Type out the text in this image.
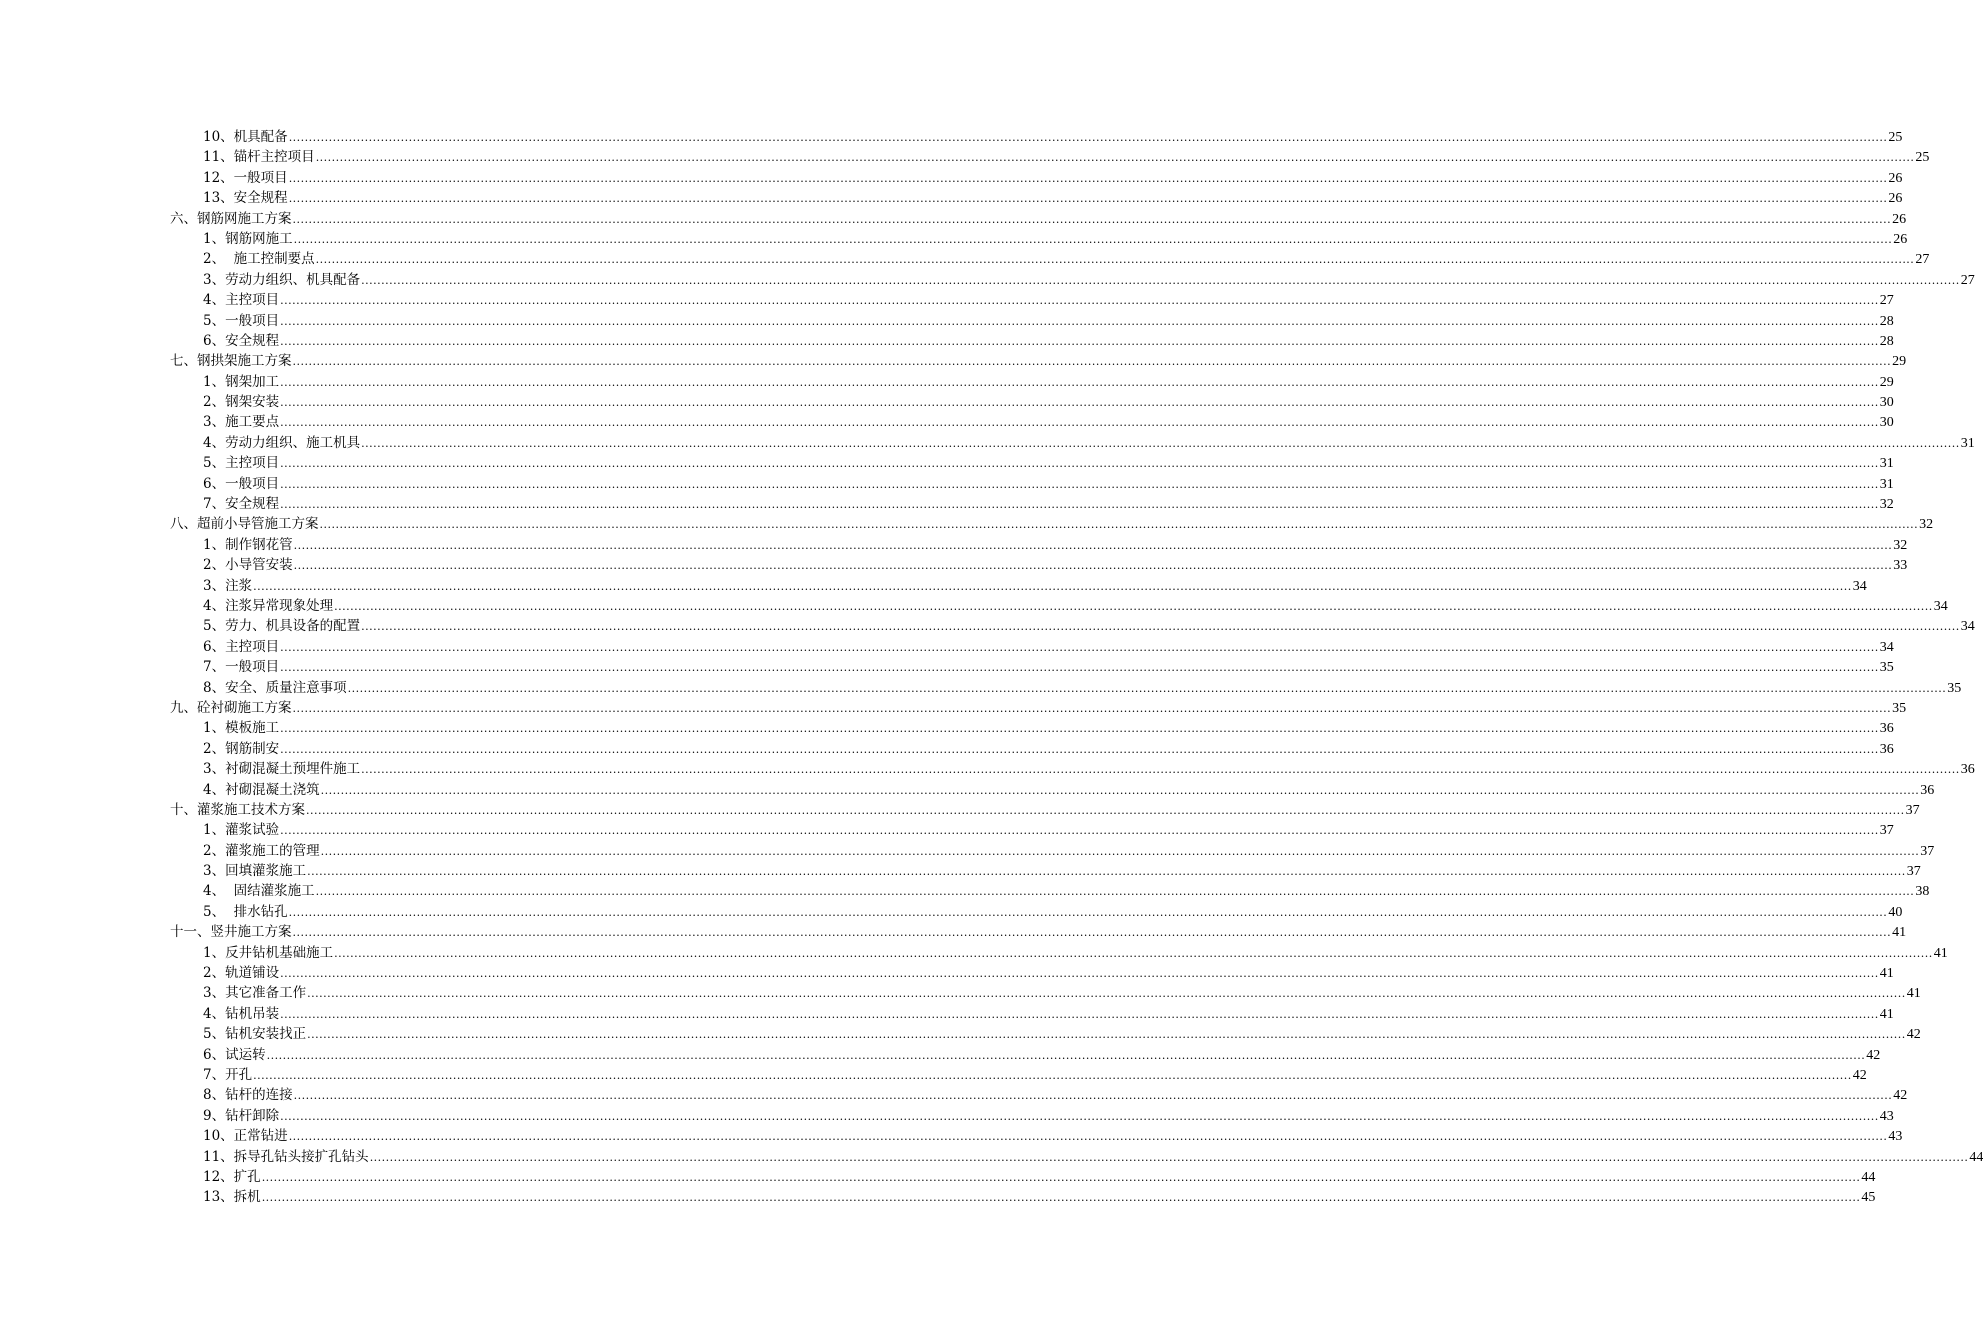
10、机具配备 ................................................................................................................................................................................................................................................................................................................................................................................................................ 25
11、锚杆主控项目 ................................................................................................................................................................................................................................................................................................................................................................................................................ 25
12、一般项目 ................................................................................................................................................................................................................................................................................................................................................................................................................ 26
13、安全规程 ................................................................................................................................................................................................................................................................................................................................................................................................................ 26
六、钢筋网施工方案 ................................................................................................................................................................................................................................................................................................................................................................................................................ 26
1、钢筋网施工 ................................................................................................................................................................................................................................................................................................................................................................................................................ 26
2、  施工控制要点 ................................................................................................................................................................................................................................................................................................................................................................................................................ 27
3、劳动力组织、机具配备 ................................................................................................................................................................................................................................................................................................................................................................................................................ 27
4、主控项目 ................................................................................................................................................................................................................................................................................................................................................................................................................ 27
5、一般项目 ................................................................................................................................................................................................................................................................................................................................................................................................................ 28
6、安全规程 ................................................................................................................................................................................................................................................................................................................................................................................................................ 28
七、钢拱架施工方案 ................................................................................................................................................................................................................................................................................................................................................................................................................ 29
1、钢架加工 ................................................................................................................................................................................................................................................................................................................................................................................................................ 29
2、钢架安装 ................................................................................................................................................................................................................................................................................................................................................................................................................ 30
3、施工要点 ................................................................................................................................................................................................................................................................................................................................................................................................................ 30
4、劳动力组织、施工机具 ................................................................................................................................................................................................................................................................................................................................................................................................................ 31
5、主控项目 ................................................................................................................................................................................................................................................................................................................................................................................................................ 31
6、一般项目 ................................................................................................................................................................................................................................................................................................................................................................................................................ 31
7、安全规程 ................................................................................................................................................................................................................................................................................................................................................................................................................ 32
八、超前小导管施工方案 ................................................................................................................................................................................................................................................................................................................................................................................................................ 32
1、制作钢花管 ................................................................................................................................................................................................................................................................................................................................................................................................................ 32
2、小导管安装 ................................................................................................................................................................................................................................................................................................................................................................................................................ 33
3、注浆 ................................................................................................................................................................................................................................................................................................................................................................................................................ 34
4、注浆异常现象处理 ................................................................................................................................................................................................................................................................................................................................................................................................................ 34
5、劳力、机具设备的配置 ................................................................................................................................................................................................................................................................................................................................................................................................................ 34
6、主控项目 ................................................................................................................................................................................................................................................................................................................................................................................................................ 34
7、一般项目 ................................................................................................................................................................................................................................................................................................................................................................................................................ 35
8、安全、质量注意事项 ................................................................................................................................................................................................................................................................................................................................................................................................................ 35
九、砼衬砌施工方案 ................................................................................................................................................................................................................................................................................................................................................................................................................ 35
1、模板施工 ................................................................................................................................................................................................................................................................................................................................................................................................................ 36
2、钢筋制安 ................................................................................................................................................................................................................................................................................................................................................................................................................ 36
3、衬砌混凝土预埋件施工 ................................................................................................................................................................................................................................................................................................................................................................................................................ 36
4、衬砌混凝土浇筑 ................................................................................................................................................................................................................................................................................................................................................................................................................ 36
十、灌浆施工技术方案 ................................................................................................................................................................................................................................................................................................................................................................................................................ 37
1、灌浆试验 ................................................................................................................................................................................................................................................................................................................................................................................................................ 37
2、灌浆施工的管理 ................................................................................................................................................................................................................................................................................................................................................................................................................ 37
3、回填灌浆施工 ................................................................................................................................................................................................................................................................................................................................................................................................................ 37
4、  固结灌浆施工 ................................................................................................................................................................................................................................................................................................................................................................................................................ 38
5、  排水钻孔 ................................................................................................................................................................................................................................................................................................................................................................................................................ 40
十一、竖井施工方案 ................................................................................................................................................................................................................................................................................................................................................................................................................ 41
1、反井钻机基础施工 ................................................................................................................................................................................................................................................................................................................................................................................................................ 41
2、轨道铺设 ................................................................................................................................................................................................................................................................................................................................................................................................................ 41
3、其它准备工作 ................................................................................................................................................................................................................................................................................................................................................................................................................ 41
4、钻机吊装 ................................................................................................................................................................................................................................................................................................................................................................................................................ 41
5、钻机安装找正 ................................................................................................................................................................................................................................................................................................................................................................................................................ 42
6、试运转 ................................................................................................................................................................................................................................................................................................................................................................................................................ 42
7、开孔 ................................................................................................................................................................................................................................................................................................................................................................................................................ 42
8、钻杆的连接 ................................................................................................................................................................................................................................................................................................................................................................................................................ 42
9、钻杆卸除 ................................................................................................................................................................................................................................................................................................................................................................................................................ 43
10、正常钻进 ................................................................................................................................................................................................................................................................................................................................................................................................................ 43
11、拆导孔钻头接扩孔钻头 ................................................................................................................................................................................................................................................................................................................................................................................................................ 44
12、扩孔 ................................................................................................................................................................................................................................................................................................................................................................................................................ 44
13、拆机 ................................................................................................................................................................................................................................................................................................................................................................................................................ 45
